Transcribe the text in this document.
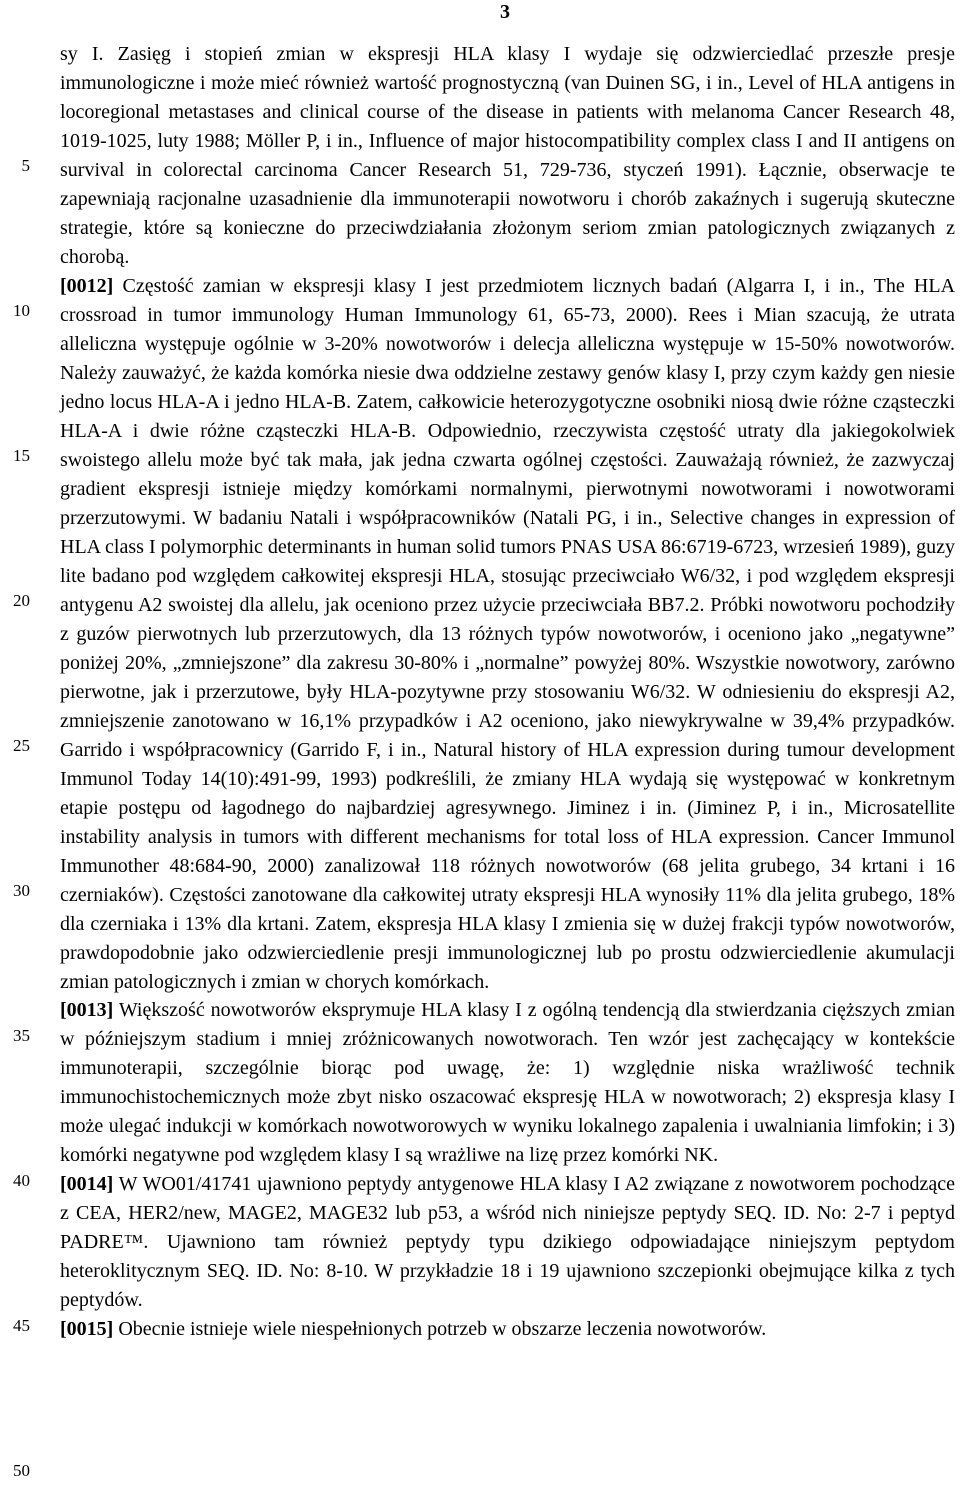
3
5
10
15
20
25
30
35
40
45
50

sy I. Zasięg i stopień zmian w ekspresji HLA klasy I wydaje się odzwierciedlać przeszłe presje immunologiczne i może mieć również wartość prognostyczną (van Duinen SG, i in., Level of HLA antigens in locoregional metastases and clinical course of the disease in patients with melanoma Cancer Research 48, 1019-1025, luty 1988; Möller P, i in., Influence of major histocompatibility complex class I and II antigens on survival in colorectal carcinoma Cancer Research 51, 729-736, styczeń 1991). Łącznie, obserwacje te zapewniają racjonalne uzasadnienie dla immunoterapii nowotworu i chorób zakaźnych i sugerują skuteczne strategie, które są konieczne do przeciwdziałania złożonym seriom zmian patologicznych związanych z chorobą.

[0012] Częstość zamian w ekspresji klasy I jest przedmiotem licznych badań (Algarra I, i in., The HLA crossroad in tumor immunology Human Immunology 61, 65-73, 2000). Rees i Mian szacują, że utrata alleliczna występuje ogólnie w 3-20% nowotworów i delecja alleliczna występuje w 15-50% nowotworów. Należy zauważyć, że każda komórka niesie dwa oddzielne zestawy genów klasy I, przy czym każdy gen niesie jedno locus HLA-A i jedno HLA-B. Zatem, całkowicie heterozygotyczne osobniki niosą dwie różne cząsteczki HLA-A i dwie różne cząsteczki HLA-B. Odpowiednio, rzeczywista częstość utraty dla jakiegokolwiek swoistego allelu może być tak mała, jak jedna czwarta ogólnej częstości. Zauważają również, że zazwyczaj gradient ekspresji istnieje między komórkami normalnymi, pierwotnymi nowotworami i nowotworami przerzutowymi. W badaniu Natali i współpracowników (Natali PG, i in., Selective changes in expression of HLA class I polymorphic determinants in human solid tumors PNAS USA 86:6719-6723, wrzesień 1989), guzy lite badano pod względem całkowitej ekspresji HLA, stosując przeciwciało W6/32, i pod względem ekspresji antygenu A2 swoistej dla allelu, jak oceniono przez użycie przeciwciała BB7.2. Próbki nowotworu pochodziły z guzów pierwotnych lub przerzutowych, dla 13 różnych typów nowotworów, i oceniono jako „negatywne” poniżej 20%, „zmniejszone” dla zakresu 30-80% i „normalne” powyżej 80%. Wszystkie nowotwory, zarówno pierwotne, jak i przerzutowe, były HLA-pozytywne przy stosowaniu W6/32. W odniesieniu do ekspresji A2, zmniejszenie zanotowano w 16,1% przypadków i A2 oceniono, jako niewykrywalne w 39,4% przypadków. Garrido i współpracownicy (Garrido F, i in., Natural history of HLA expression during tumour development Immunol Today 14(10):491-99, 1993) podkreślili, że zmiany HLA wydają się występować w konkretnym etapie postępu od łagodnego do najbardziej agresywnego. Jiminez i in. (Jiminez P, i in., Microsatellite instability analysis in tumors with different mechanisms for total loss of HLA expression. Cancer Immunol Immunother 48:684-90, 2000) zanalizował 118 różnych nowotworów (68 jelita grubego, 34 krtani i 16 czerniaków). Częstości zanotowane dla całkowitej utraty ekspresji HLA wynosiły 11% dla jelita grubego, 18% dla czerniaka i 13% dla krtani. Zatem, ekspresja HLA klasy I zmienia się w dużej frakcji typów nowotworów, prawdopodobnie jako odzwierciedlenie presji immunologicznej lub po prostu odzwierciedlenie akumulacji zmian patologicznych i zmian w chorych komórkach.

[0013] Większość nowotworów eksprymuje HLA klasy I z ogólną tendencją dla stwierdzania cięższych zmian w późniejszym stadium i mniej zróżnicowanych nowotworach. Ten wzór jest zachęcający w kontekście immunoterapii, szczególnie biorąc pod uwagę, że: 1) względnie niska wrażliwość technik immunochistochemicznych może zbyt nisko oszacować ekspresję HLA w nowotworach; 2) ekspresja klasy I może ulegać indukcji w komórkach nowotworowych w wyniku lokalnego zapalenia i uwalniania limfokin; i 3) komórki negatywne pod względem klasy I są wrażliwe na lizę przez komórki NK.

[0014] W WO01/41741 ujawniono peptydy antygenowe HLA klasy I A2 związane z nowotworem pochodzące z CEA, HER2/new, MAGE2, MAGE32 lub p53, a wśród nich niniejsze peptydy SEQ. ID. No: 2-7 i peptyd PADRE™. Ujawniono tam również peptydy typu dzikiego odpowiadające niniejszym peptydom heteroklitycznym SEQ. ID. No: 8-10. W przykładzie 18 i 19 ujawniono szczepionki obejmujące kilka z tych peptydów.

[0015] Obecnie istnieje wiele niespełnionych potrzeb w obszarze leczenia nowotworów.
